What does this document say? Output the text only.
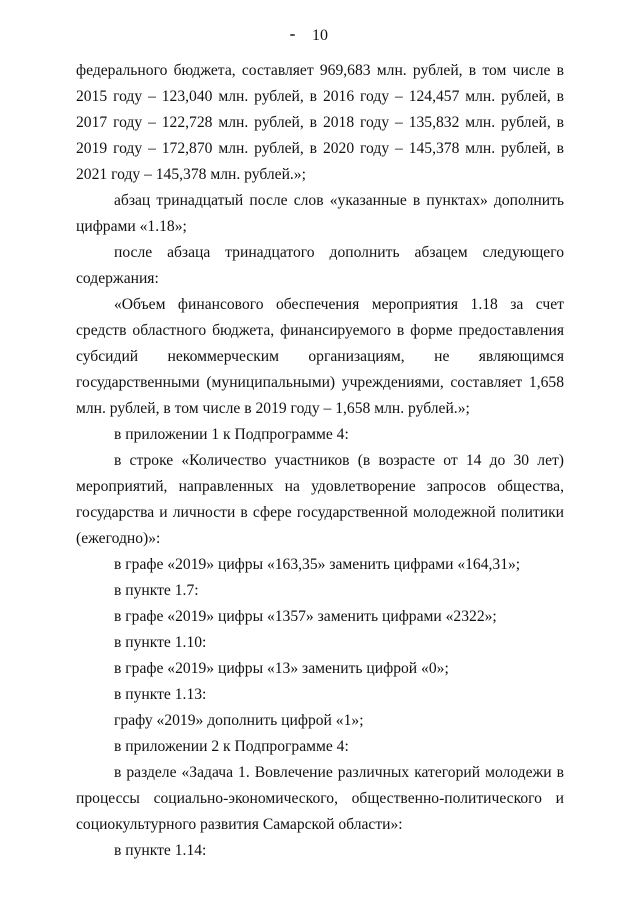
10

федерального бюджета, составляет 969,683 млн. рублей, в том числе в 2015 году – 123,040 млн. рублей, в 2016 году – 124,457 млн. рублей, в 2017 году – 122,728 млн. рублей, в 2018 году – 135,832 млн. рублей, в 2019 году – 172,870 млн. рублей, в 2020 году – 145,378 млн. рублей, в 2021 году – 145,378 млн. рублей.»;

абзац тринадцатый после слов «указанные в пунктах» дополнить цифрами «1.18»;

после абзаца тринадцатого дополнить абзацем следующего содержания:

«Объем финансового обеспечения мероприятия 1.18 за счет средств областного бюджета, финансируемого в форме предоставления субсидий некоммерческим организациям, не являющимся государственными (муниципальными) учреждениями, составляет 1,658 млн. рублей, в том числе в 2019 году – 1,658 млн. рублей.»;

в приложении 1 к Подпрограмме 4:

в строке «Количество участников (в возрасте от 14 до 30 лет) мероприятий, направленных на удовлетворение запросов общества, государства и личности в сфере государственной молодежной политики (ежегодно)»:

в графе «2019» цифры «163,35» заменить цифрами «164,31»;

в пункте 1.7:

в графе «2019» цифры «1357» заменить цифрами «2322»;

в пункте 1.10:

в графе «2019» цифры «13» заменить цифрой «0»;

в пункте 1.13:

графу «2019» дополнить цифрой «1»;

в приложении 2 к Подпрограмме 4:

в разделе «Задача 1. Вовлечение различных категорий молодежи в процессы социально-экономического, общественно-политического и социокультурного развития Самарской области»:

в пункте 1.14:
